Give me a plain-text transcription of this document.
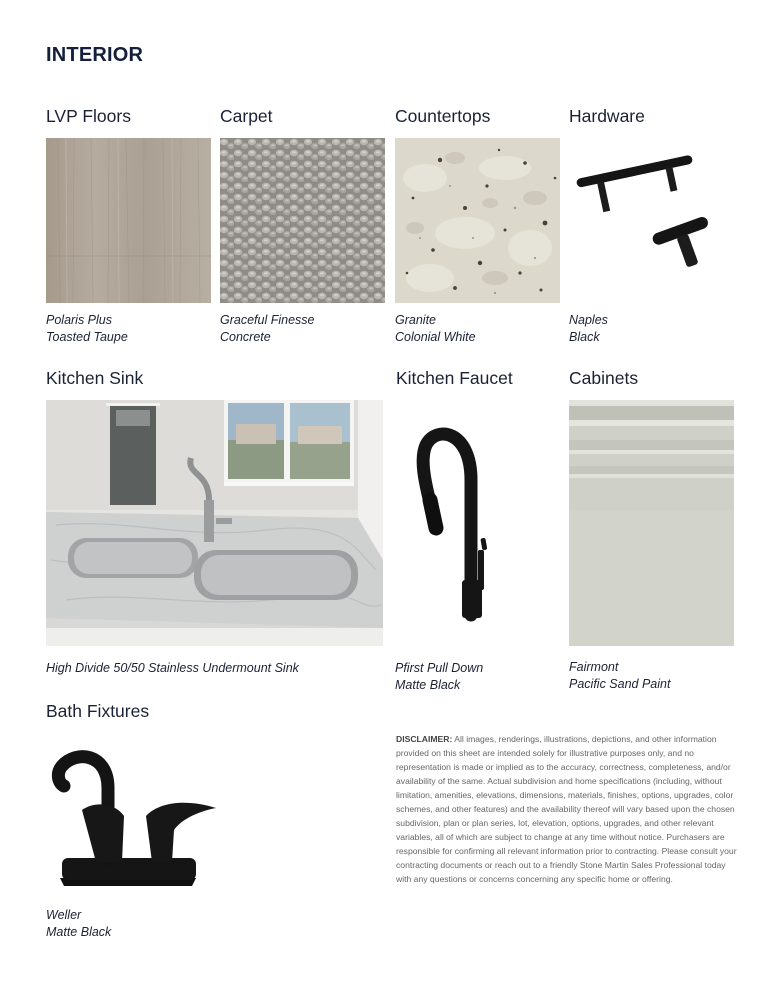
INTERIOR
LVP Floors	Carpet	Countertops	Hardware
Polaris Plus
Toasted Taupe
Graceful Finesse
Concrete
Granite
Colonial White
Naples
Black
Kitchen Sink	Kitchen Faucet	Cabinets
High Divide 50/50 Stainless Undermount Sink	Pfirst Pull Down
Matte Black
Fairmont
Pacific Sand Paint
Bath Fixtures
Weller
Matte Black
DISCLAIMER: All images, renderings, illustrations, depictions, and other information provided on this sheet are intended solely for illustrative purposes only, and no representation is made or implied as to the accuracy, correctness, completeness, and/or availability of the same. Actual subdivision and home specifications (including, without limitation, amenities, elevations, dimensions, materials, finishes, options, upgrades, color schemes, and other features) and the availability thereof will vary based upon the chosen subdivision, plan or plan series, lot, elevation, options, upgrades, and other relevant variables, all of which are subject to change at any time without notice. Purchasers are responsible for confirming all relevant information prior to contracting. Please consult your contracting documents or reach out to a friendly Stone Martin Sales Professional today with any questions or concerns concerning any specific home or offering.
